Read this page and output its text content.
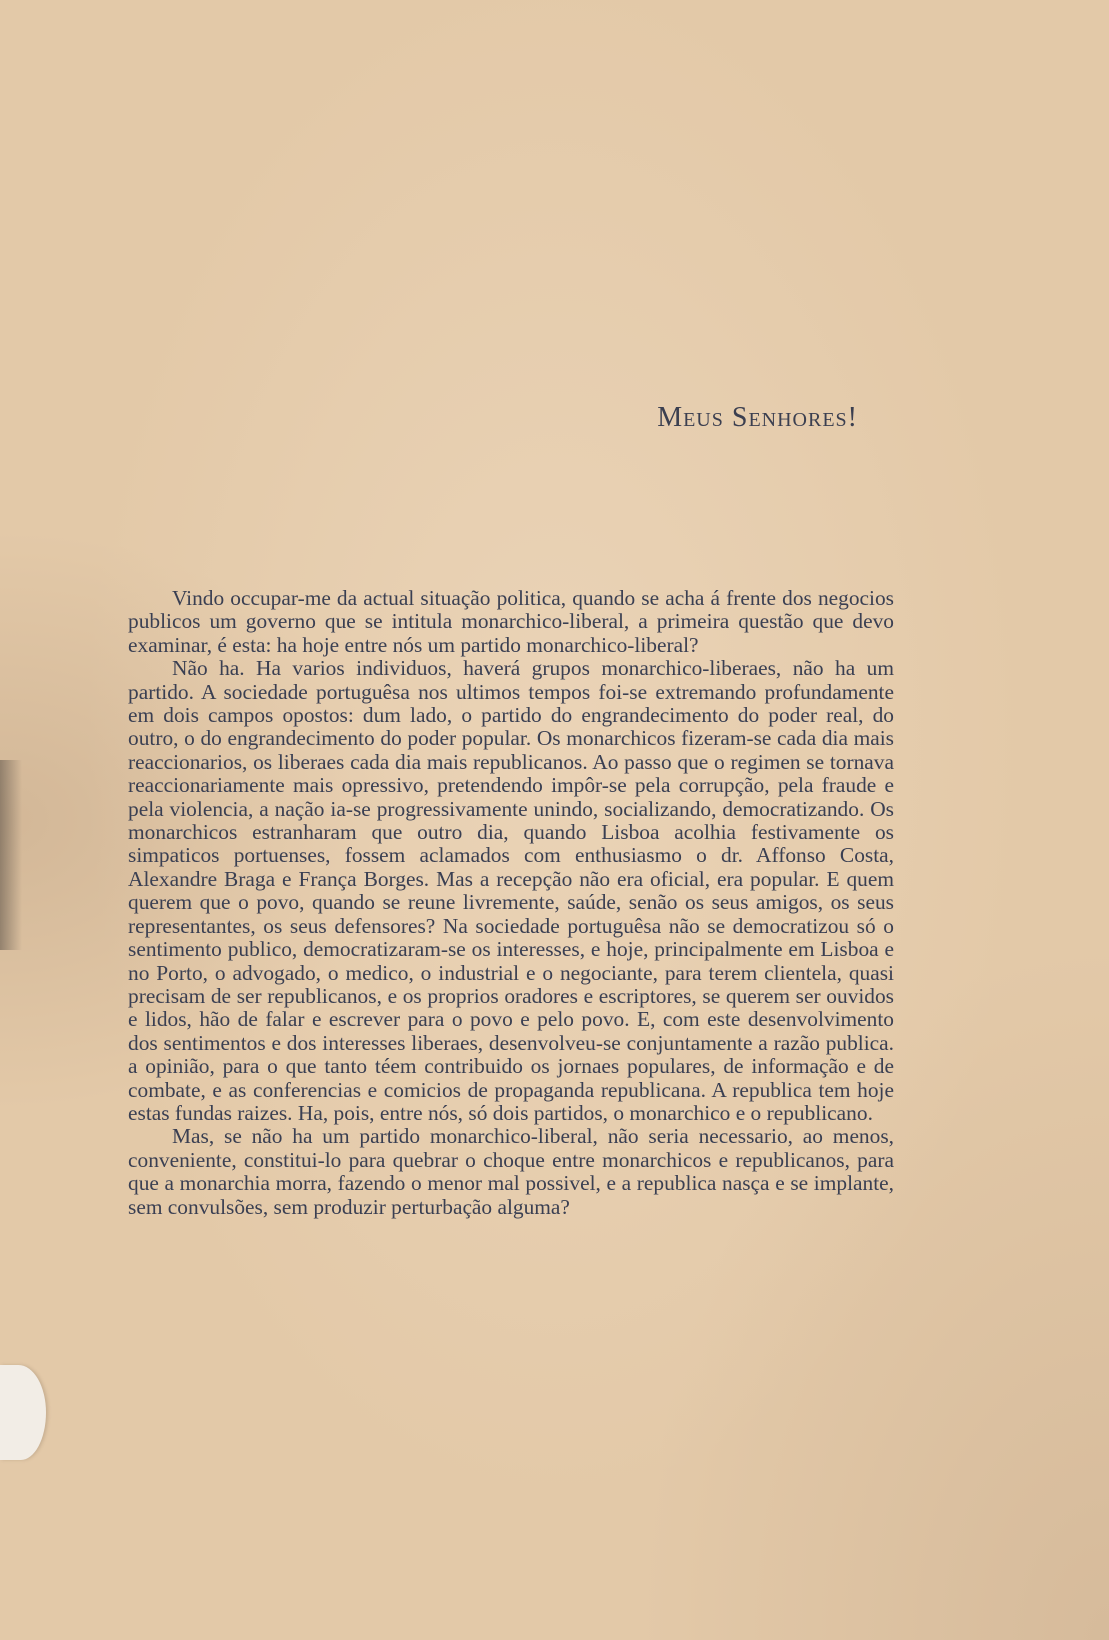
Meus Senhores!

Vindo occupar-me da actual situação politica, quando se acha á frente dos negocios publicos um governo que se intitula monarchico-liberal, a primeira questão que devo examinar, é esta: ha hoje entre nós um partido monarchico-liberal?

Não ha. Ha varios individuos, haverá grupos monarchico-liberaes, não ha um partido. A sociedade portuguêsa nos ultimos tempos foi-se extremando profundamente em dois campos opostos: dum lado, o partido do engrandecimento do poder real, do outro, o do engrandecimento do poder popular. Os monarchicos fizeram-se cada dia mais reaccionarios, os liberaes cada dia mais republicanos. Ao passo que o regimen se tornava reaccionariamente mais opressivo, pretendendo impôr-se pela corrupção, pela fraude e pela violencia, a nação ia-se progressivamente unindo, socializando, democratizando. Os monarchicos estranharam que outro dia, quando Lisboa acolhia festivamente os simpaticos portuenses, fossem aclamados com enthusiasmo o dr. Affonso Costa, Alexandre Braga e França Borges. Mas a recepção não era oficial, era popular. E quem querem que o povo, quando se reune livremente, saúde, senão os seus amigos, os seus representantes, os seus defensores? Na sociedade portuguêsa não se democratizou só o sentimento publico, democratizaram-se os interesses, e hoje, principalmente em Lisboa e no Porto, o advogado, o medico, o industrial e o negociante, para terem clientela, quasi precisam de ser republicanos, e os proprios oradores e escriptores, se querem ser ouvidos e lidos, hão de falar e escrever para o povo e pelo povo. E, com este desenvolvimento dos sentimentos e dos interesses liberaes, desenvolveu-se conjuntamente a razão publica. a opinião, para o que tanto téem contribuido os jornaes populares, de informação e de combate, e as conferencias e comicios de propaganda republicana. A republica tem hoje estas fundas raizes. Ha, pois, entre nós, só dois partidos, o monarchico e o republicano.

Mas, se não ha um partido monarchico-liberal, não seria necessario, ao menos, conveniente, constitui-lo para quebrar o choque entre monarchicos e republicanos, para que a monarchia morra, fazendo o menor mal possivel, e a republica nasça e se implante, sem convulsões, sem produzir perturbação alguma?
